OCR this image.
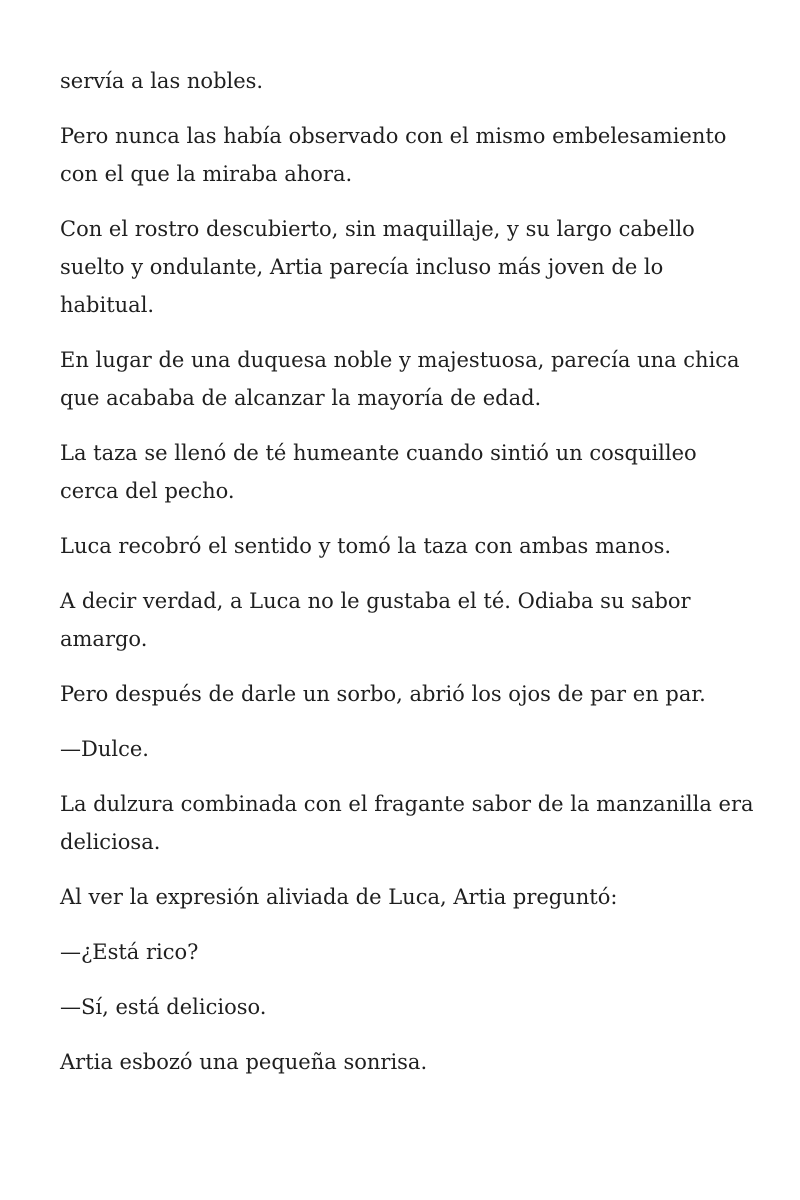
servía a las nobles.

Pero nunca las había observado con el mismo embelesamiento con el que la miraba ahora.

Con el rostro descubierto, sin maquillaje, y su largo cabello suelto y ondulante, Artia parecía incluso más joven de lo habitual.

En lugar de una duquesa noble y majestuosa, parecía una chica que acababa de alcanzar la mayoría de edad.

La taza se llenó de té humeante cuando sintió un cosquilleo cerca del pecho.

Luca recobró el sentido y tomó la taza con ambas manos.

A decir verdad, a Luca no le gustaba el té. Odiaba su sabor amargo.

Pero después de darle un sorbo, abrió los ojos de par en par.

—Dulce.

La dulzura combinada con el fragante sabor de la manzanilla era deliciosa.

Al ver la expresión aliviada de Luca, Artia preguntó:

—¿Está rico?

—Sí, está delicioso.

Artia esbozó una pequeña sonrisa.
